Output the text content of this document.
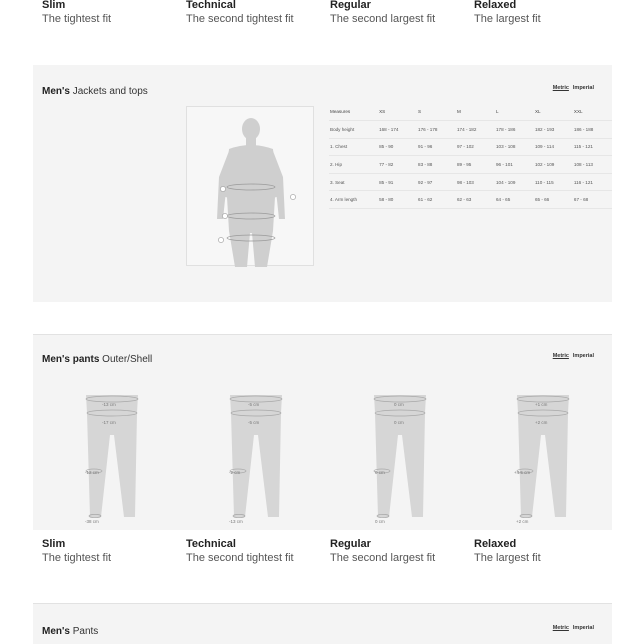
Slim
The tightest fit
Technical
The second tightest fit
Regular
The second largest fit
Relaxed
The largest fit
Men's Jackets and tops	Metric Imperial
Measures	XS	S	M	L	XL	XXL
Body height	168 - 174	176 - 178	174 - 182	178 - 186	182 - 193	186 - 188
1. Chest	85 - 90	91 - 96	97 - 102	103 - 108	109 - 114	115 - 121
2. Hip	77 - 82	83 - 88	89 - 95	96 - 101	102 - 109	108 - 113
3. Seat	85 - 91	92 - 97	98 - 103	104 - 109	110 - 115	116 - 121
4. Arm length	58 - 80	61 - 62	62 - 63	64 - 65	65 - 66	67 - 68
Men's pants Outer/Shell	Metric Imperial
-13 cm
-17 cm
-12 cm
-38 cm
-5 cm
-5 cm
-2 cm
-13 cm
0 cm
0 cm
0 cm
0 cm
+1 cm
+2 cm
+4.5 cm
+2 cm
Slim
The tightest fit
Technical
The second tightest fit
Regular
The second largest fit
Relaxed
The largest fit
Men's Pants	Metric Imperial
